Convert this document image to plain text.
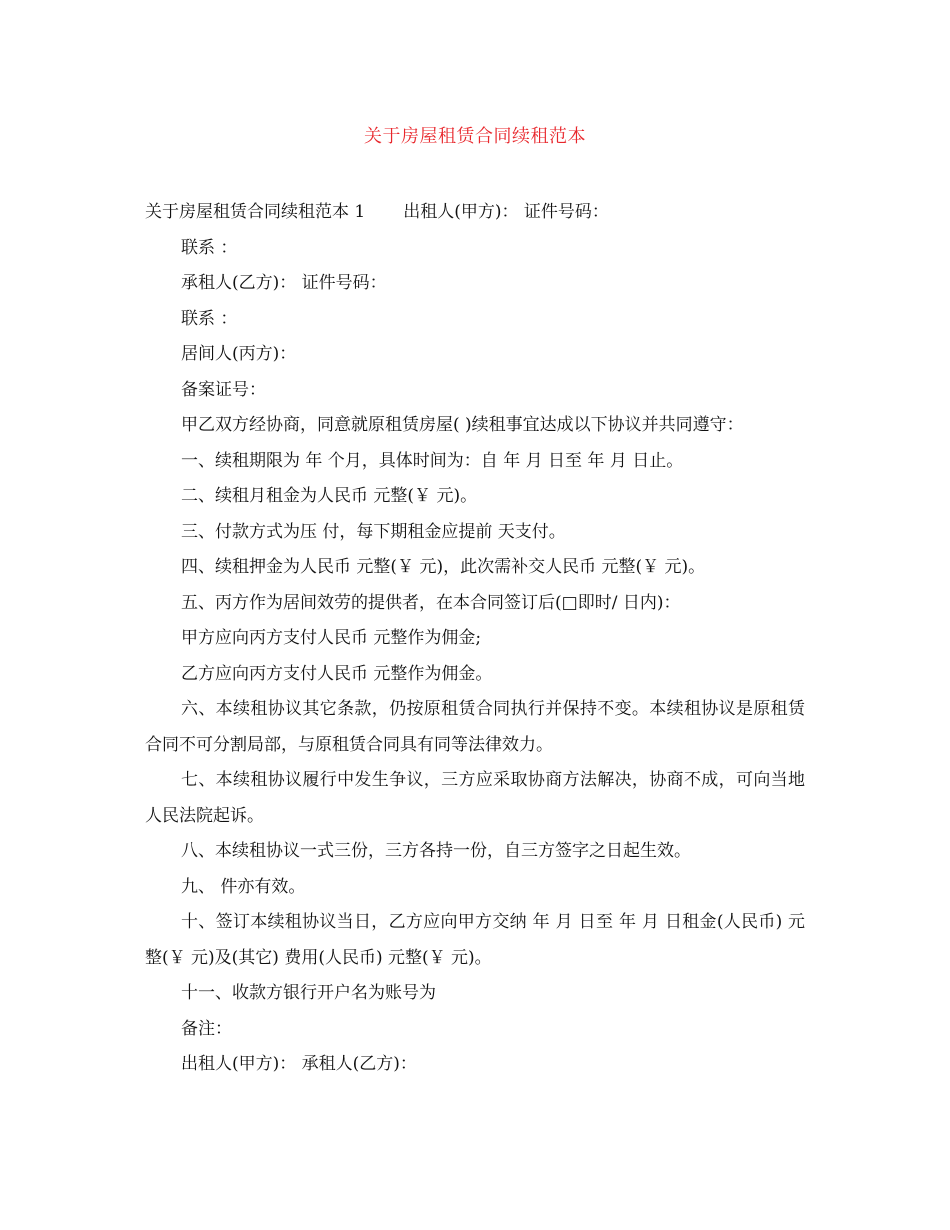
关于房屋租赁合同续租范本

关于房屋租赁合同续租范本 1 出租人(甲方)： 证件号码：

联系 ：

承租人(乙方)： 证件号码：

联系 ：

居间人(丙方)：

备案证号：

甲乙双方经协商，同意就原租赁房屋( )续租事宜达成以下协议并共同遵守：

一、续租期限为 年 个月，具体时间为：自 年 月 日至 年 月 日止。

二、续租月租金为人民币 元整(￥ 元)。

三、付款方式为压 付，每下期租金应提前 天支付。

四、续租押金为人民币 元整(￥ 元)，此次需补交人民币 元整(￥ 元)。

五、丙方作为居间效劳的提供者，在本合同签订后(□即时/ 日内)：

甲方应向丙方支付人民币 元整作为佣金;

乙方应向丙方支付人民币 元整作为佣金。

六、本续租协议其它条款，仍按原租赁合同执行并保持不变。本续租协议是原租赁合同不可分割局部，与原租赁合同具有同等法律效力。

七、本续租协议履行中发生争议，三方应采取协商方法解决，协商不成，可向当地人民法院起诉。

八、本续租协议一式三份，三方各持一份，自三方签字之日起生效。

九、 件亦有效。

十、签订本续租协议当日，乙方应向甲方交纳 年 月 日至 年 月 日租金(人民币) 元整(￥ 元)及(其它) 费用(人民币) 元整(￥ 元)。

十一、收款方银行开户名为账号为

备注：

出租人(甲方)： 承租人(乙方)：
